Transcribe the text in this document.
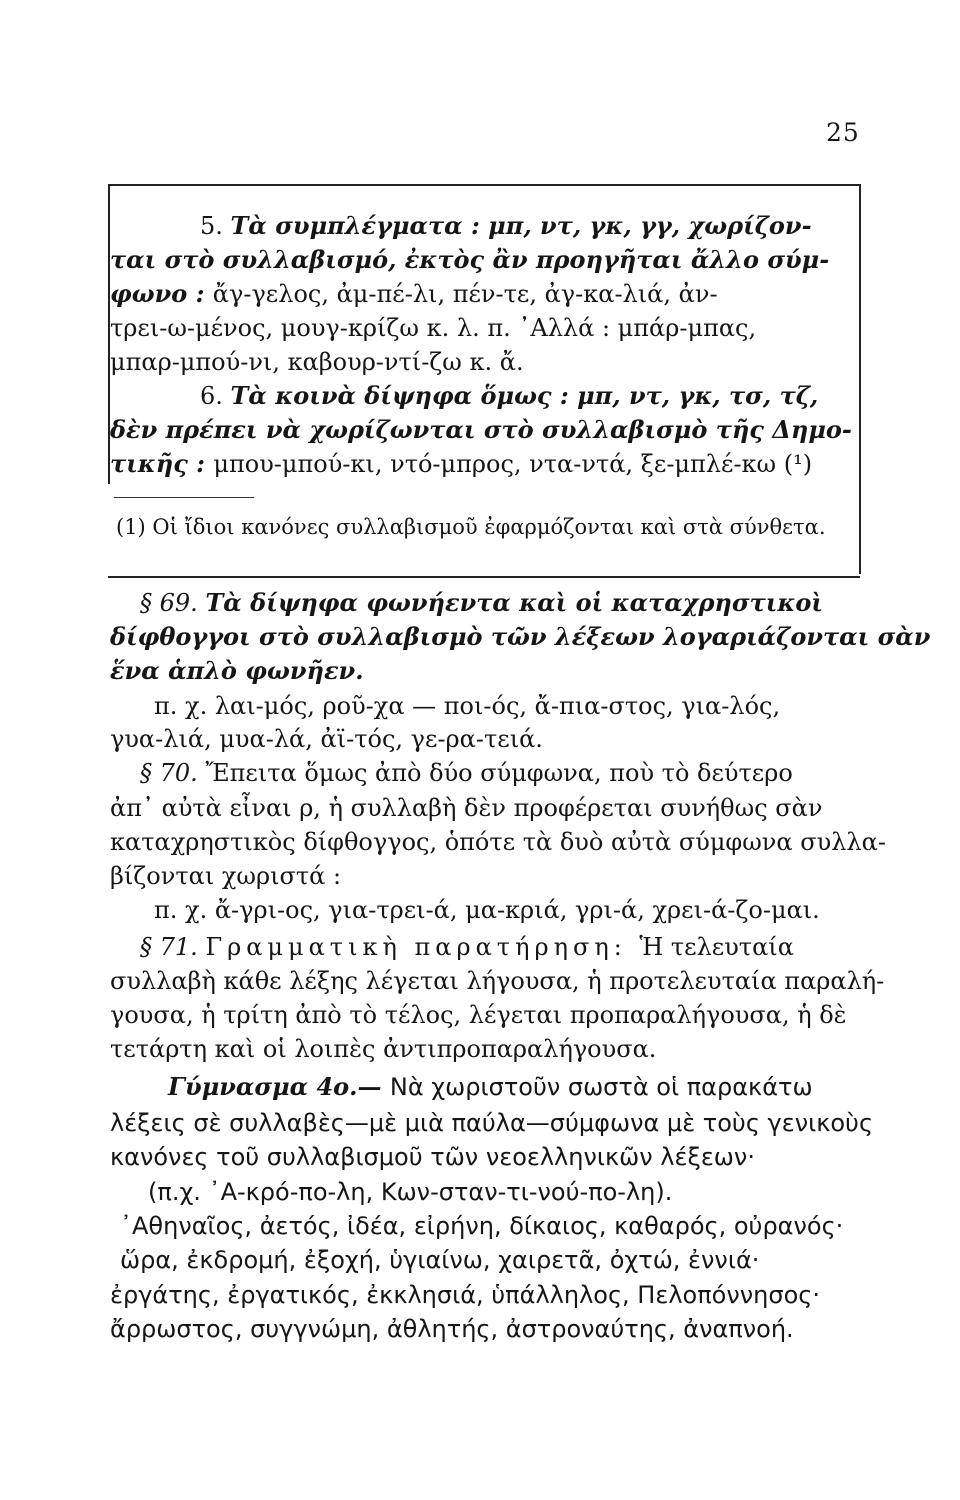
25
5. Τὰ συμπλέγματα : μπ, ντ, γκ, γγ, χωρίζον-
ται στὸ συλλαβισμό, ἐκτὸς ἂν προηγῆται ἄλλο σύμ-
φωνο : ἄγ-γελος, ἀμ-πέ-λι, πέν-τε, ἀγ-κα-λιά, ἀν-
τρει-ω-μένος, μουγ-κρίζω κ. λ. π. ᾿Αλλά : μπάρ-μπας,
μπαρ-μπού-νι, καβουρ-ντί-ζω κ. ἄ.
6. Τὰ κοινὰ δίψηφα ὅμως : μπ, ντ, γκ, τσ, τζ,
δὲν πρέπει νὰ χωρίζωνται στὸ συλλαβισμὸ τῆς Δημο-
τικῆς : μπου-μπού-κι, ντό-μπρος, ντα-ντά, ξε-μπλέ-κω (¹)
(1) Οἱ ἴδιοι κανόνες συλλαβισμοῦ ἐφαρμόζονται καὶ στὰ σύνθετα.
§ 69. Τὰ δίψηφα φωνήεντα καὶ οἱ καταχρηστικοὶ
δίφθογγοι στὸ συλλαβισμὸ τῶν λέξεων λογαριάζονται σὰν
ἕνα ἁπλὸ φωνῆεν.
π. χ. λαι-μός, ροῦ-χα — ποι-ός, ἄ-πια-στος, για-λός,
γυα-λιά, μυα-λά, ἀϊ-τός, γε-ρα-τειά.
§ 70. Ἔπειτα ὅμως ἀπὸ δύο σύμφωνα, ποὺ τὸ δεύτερο
ἀπ᾿ αὐτὰ εἶναι ρ, ἡ συλλαβὴ δὲν προφέρεται συνήθως σὰν
καταχρηστικὸς δίφθογγος, ὁπότε τὰ δυὸ αὐτὰ σύμφωνα συλλα-
βίζονται χωριστά :
π. χ. ἄ-γρι-ος, για-τρει-ά, μα-κριά, γρι-ά, χρει-ά-ζο-μαι.
§ 71. Γραμματικὴ παρατήρηση: Ἡ τελευταία
συλλαβὴ κάθε λέξης λέγεται λήγουσα, ἡ προτελευταία παραλή-
γουσα, ἡ τρίτη ἀπὸ τὸ τέλος, λέγεται προπαραλήγουσα, ἡ δὲ
τετάρτη καὶ οἱ λοιπὲς ἀντιπροπαραλήγουσα.
Γύμνασμα 4ο.— Νὰ χωριστοῦν σωστὰ οἱ παρακάτω
λέξεις σὲ συλλαβὲς—μὲ μιὰ παύλα—σύμφωνα μὲ τοὺς γενικοὺς
κανόνες τοῦ συλλαβισμοῦ τῶν νεοελληνικῶν λέξεων·
(π.χ. ᾿Α-κρό-πο-λη, Κων-σταν-τι-νού-πο-λη).
᾿Αθηναῖος, ἀετός, ἰδέα, εἰρήνη, δίκαιος, καθαρός, οὐρανός·
ὥρα, ἐκδρομή, ἐξοχή, ὑγιαίνω, χαιρετᾶ, ὀχτώ, ἐννιά·
ἐργάτης, ἐργατικός, ἐκκλησιά, ὑπάλληλος, Πελοπόννησος·
ἄρρωστος, συγγνώμη, ἀθλητής, ἀστροναύτης, ἀναπνοή.
